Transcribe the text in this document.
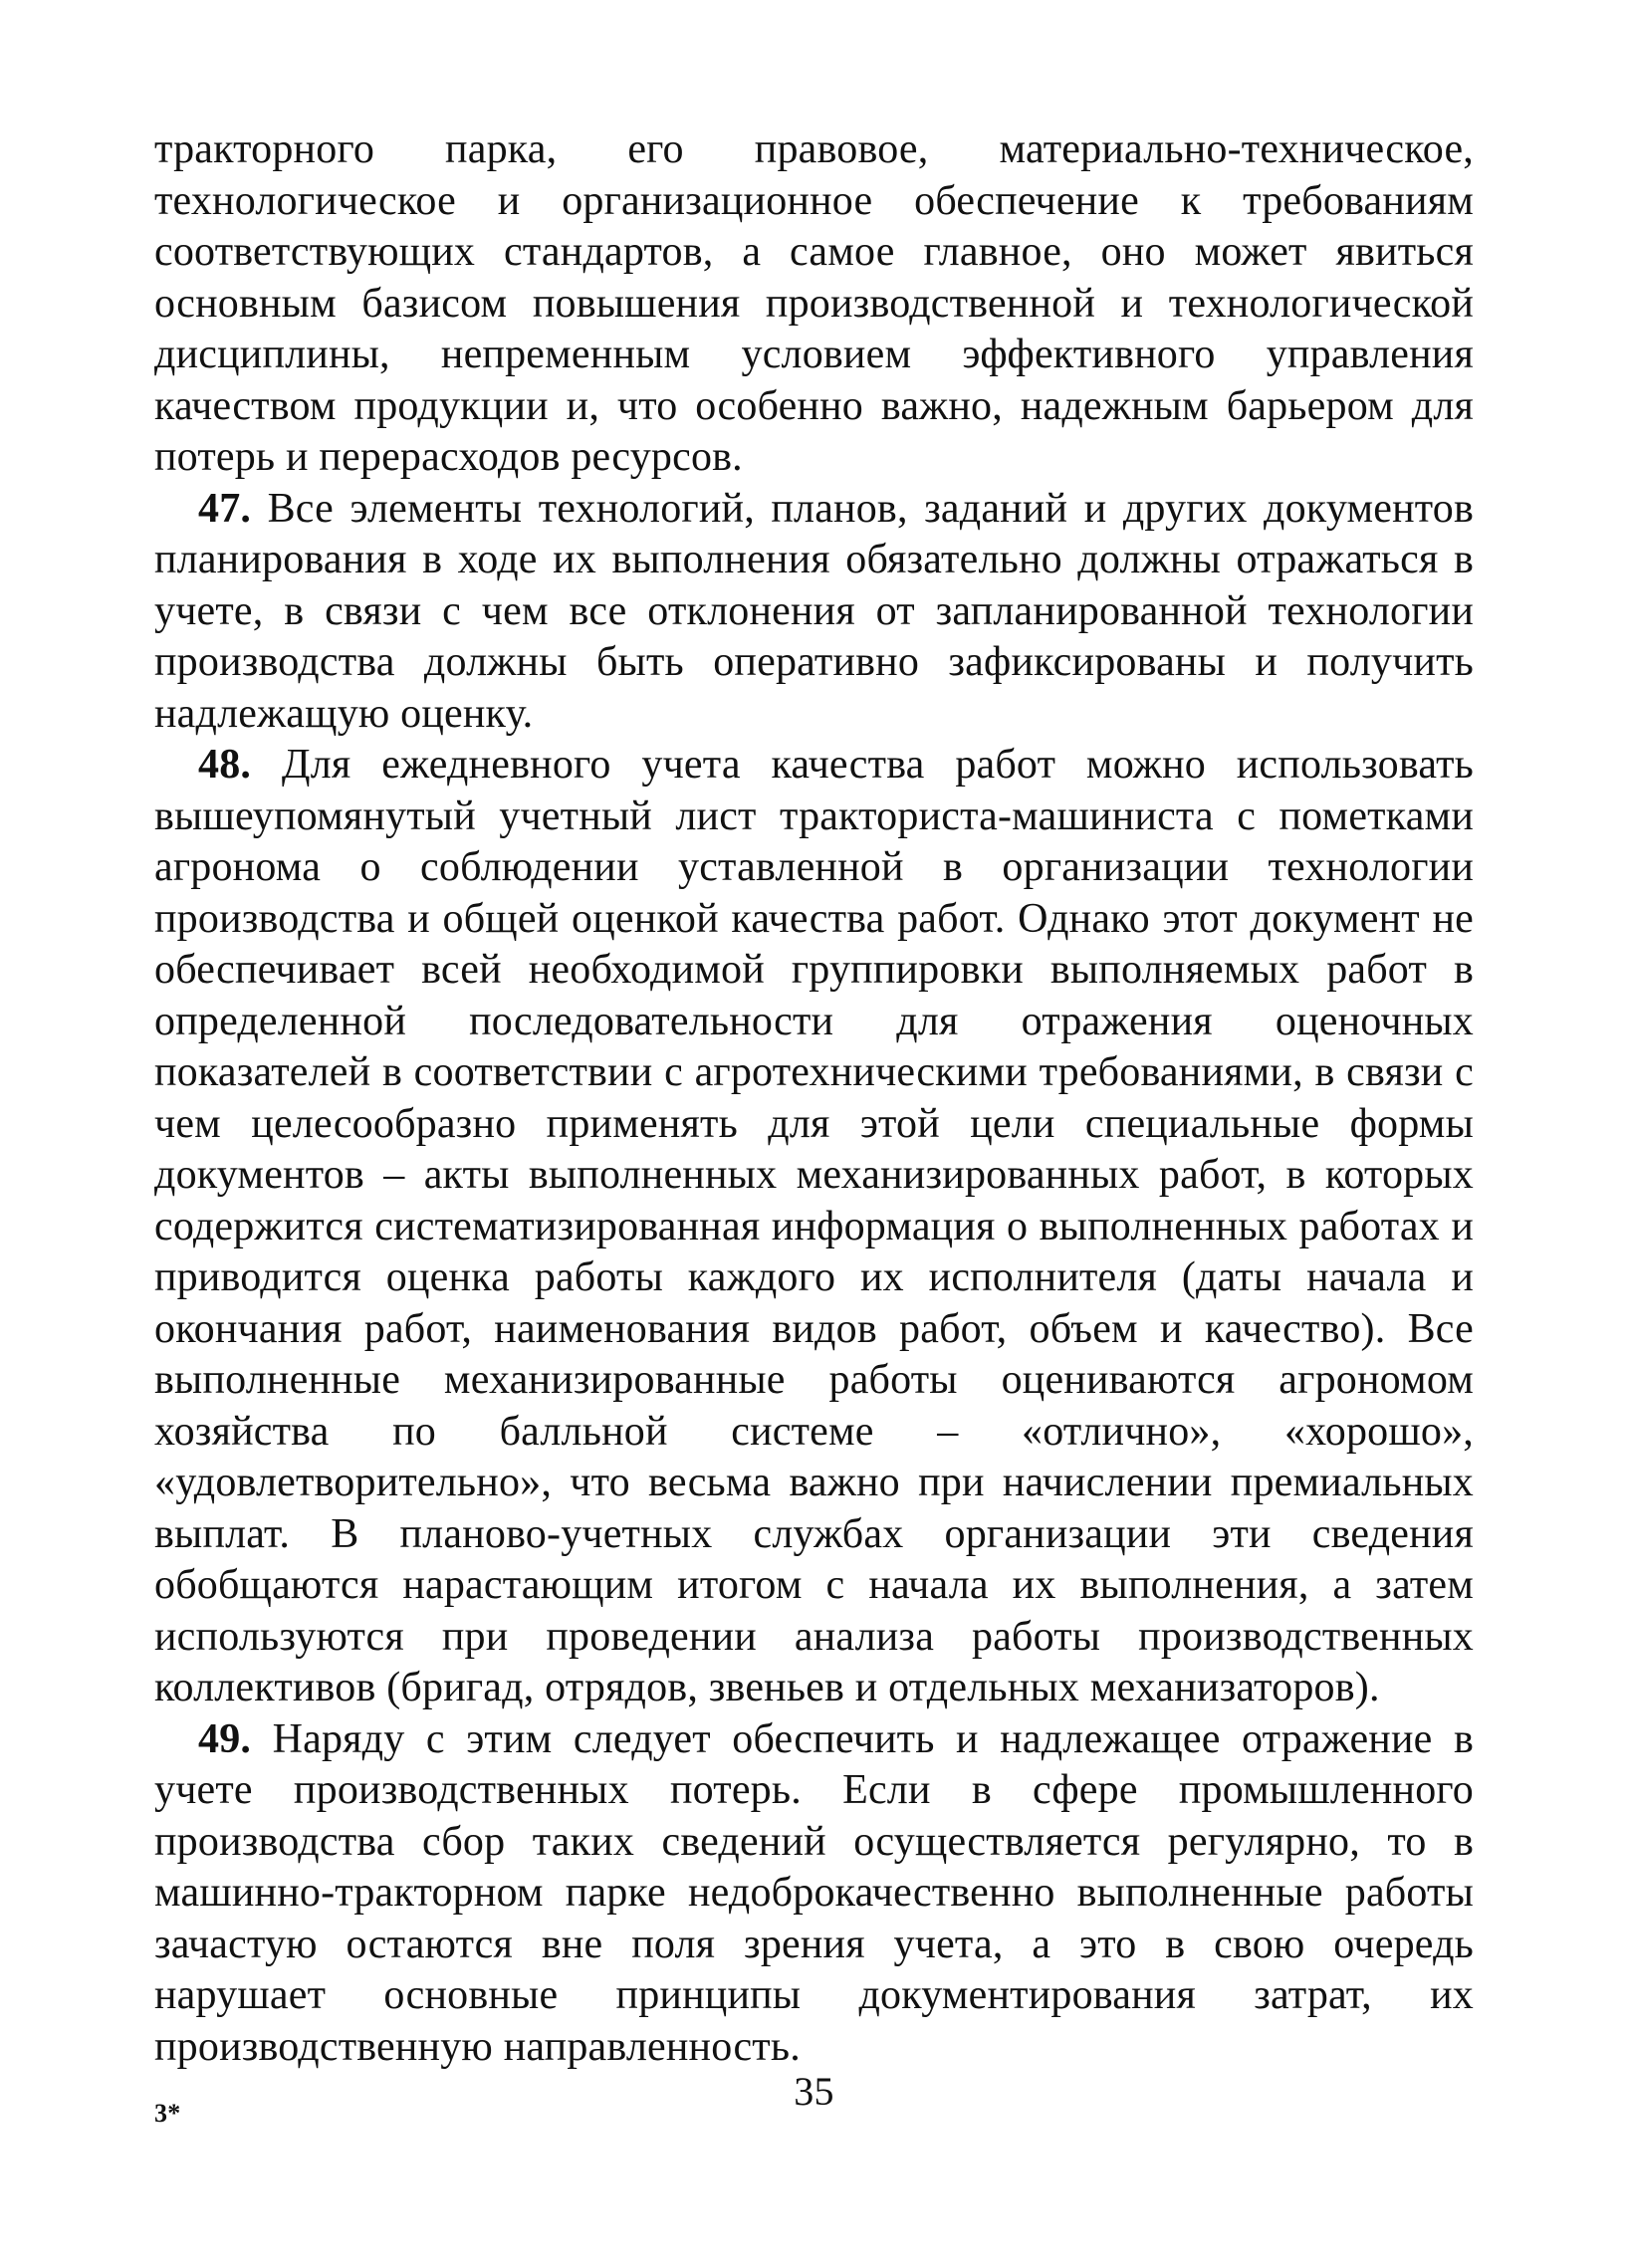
тракторного парка, его правовое, материально-техническое, технологическое и организационное обеспечение к требованиям соответствующих стандартов, а самое главное, оно может явиться основным базисом повышения производственной и технологической дисциплины, непременным условием эффективного управления качеством продукции и, что особенно важно, надежным барьером для потерь и перерасходов ресурсов.

47. Все элементы технологий, планов, заданий и других документов планирования в ходе их выполнения обязательно должны отражаться в учете, в связи с чем все отклонения от запланированной технологии производства должны быть оперативно зафиксированы и получить надлежащую оценку.

48. Для ежедневного учета качества работ можно использовать вышеупомянутый учетный лист тракториста-машиниста с пометками агронома о соблюдении уставленной в организации технологии производства и общей оценкой качества работ. Однако этот документ не обеспечивает всей необходимой группировки выполняемых работ в определенной последовательности для отражения оценочных показателей в соответствии с агротехническими требованиями, в связи с чем целесообразно применять для этой цели специальные формы документов – акты выполненных механизированных работ, в которых содержится систематизированная информация о выполненных работах и приводится оценка работы каждого их исполнителя (даты начала и окончания работ, наименования видов работ, объем и качество). Все выполненные механизированные работы оцениваются агрономом хозяйства по балльной системе – «отлично», «хорошо», «удовлетворительно», что весьма важно при начислении премиальных выплат. В планово-учетных службах организации эти сведения обобщаются нарастающим итогом с начала их выполнения, а затем используются при проведении анализа работы производственных коллективов (бригад, отрядов, звеньев и отдельных механизаторов).

49. Наряду с этим следует обеспечить и надлежащее отражение в учете производственных потерь. Если в сфере промышленного производства сбор таких сведений осуществляется регулярно, то в машинно-тракторном парке недоброкачественно выполненные работы зачастую остаются вне поля зрения учета, а это в свою очередь нарушает основные принципы документирования затрат, их производственную направленность.

3*	35
